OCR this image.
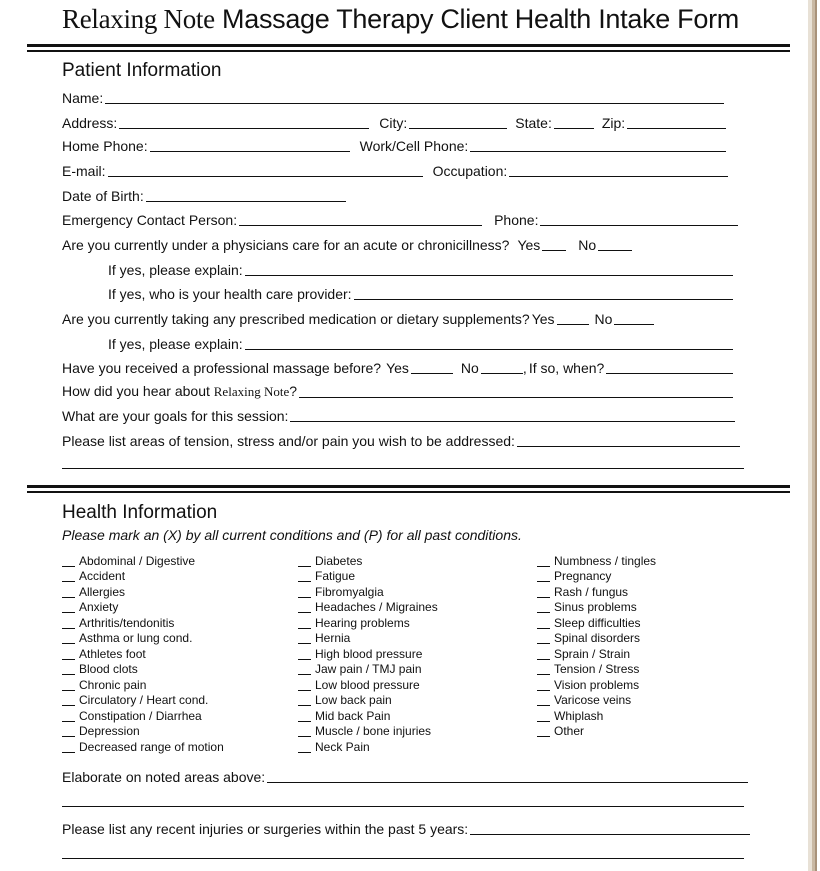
Relaxing Note Massage Therapy Client Health Intake Form
Patient Information
Name:
Address:	City:	State:	Zip:
Home Phone:	Work/Cell Phone:
E-mail:	Occupation:
Date of Birth:
Emergency Contact Person:	Phone:
Are you currently under a physicians care for an acute or chronicillness? Yes	No
If yes, please explain:
If yes, who is your health care provider:
Are you currently taking any prescribed medication or dietary supplements? Yes	No
If yes, please explain:
Have you received a professional massage before? Yes	No	, If so, when?
How did you hear about Relaxing Note?
What are your goals for this session:
Please list areas of tension, stress and/or pain you wish to be addressed:
Health Information
Please mark an (X) by all current conditions and (P) for all past conditions.
Abdominal / Digestive
Accident
Allergies
Anxiety
Arthritis/tendonitis
Asthma or lung cond.
Athletes foot
Blood clots
Chronic pain
Circulatory / Heart cond.
Constipation / Diarrhea
Depression
Decreased range of motion
Diabetes
Fatigue
Fibromyalgia
Headaches / Migraines
Hearing problems
Hernia
High blood pressure
Jaw pain / TMJ pain
Low blood pressure
Low back pain
Mid back Pain
Muscle / bone injuries
Neck Pain
Numbness / tingles
Pregnancy
Rash / fungus
Sinus problems
Sleep difficulties
Spinal disorders
Sprain / Strain
Tension / Stress
Vision problems
Varicose veins
Whiplash
Other
Elaborate on noted areas above:
Please list any recent injuries or surgeries within the past 5 years:
